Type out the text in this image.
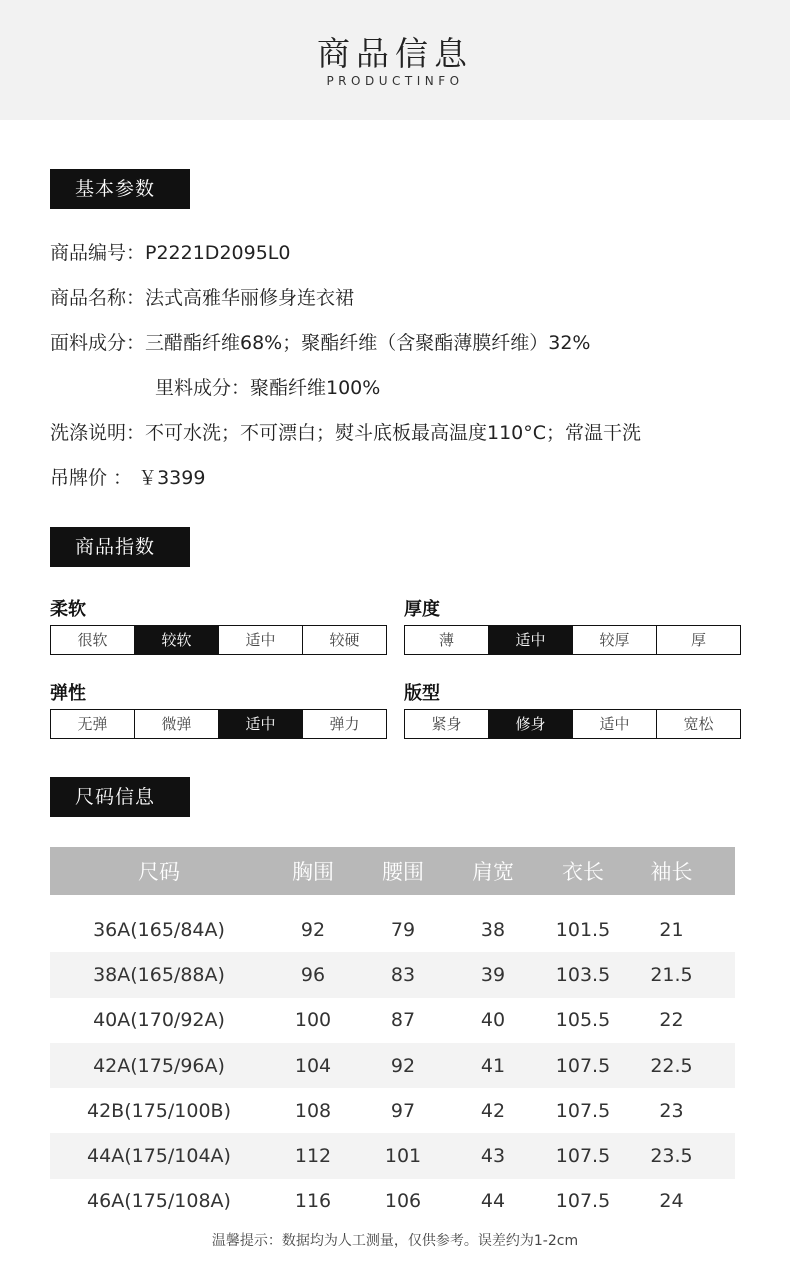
商品信息
PRODUCTINFO
基本参数
商品编号：P2221D2095L0
商品名称：法式高雅华丽修身连衣裙
面料成分：三醋酯纤维68%；聚酯纤维（含聚酯薄膜纤维）32%
里料成分：聚酯纤维100%
洗涤说明：不可水洗；不可漂白；熨斗底板最高温度110°C；常温干洗
吊牌价 ： ￥3399
商品指数
柔软
很软	较软	适中	较硬
厚度
薄	适中	较厚	厚
弹性
无弹	微弹	适中	弹力
版型
紧身	修身	适中	宽松
尺码信息
尺码	胸围	腰围	肩宽	衣长	袖长
36A(165/84A)	92	79	38	101.5	21
38A(165/88A)	96	83	39	103.5	21.5
40A(170/92A)	100	87	40	105.5	22
42A(175/96A)	104	92	41	107.5	22.5
42B(175/100B)	108	97	42	107.5	23
44A(175/104A)	112	101	43	107.5	23.5
46A(175/108A)	116	106	44	107.5	24
温馨提示：数据均为人工测量，仅供参考。误差约为1-2cm
